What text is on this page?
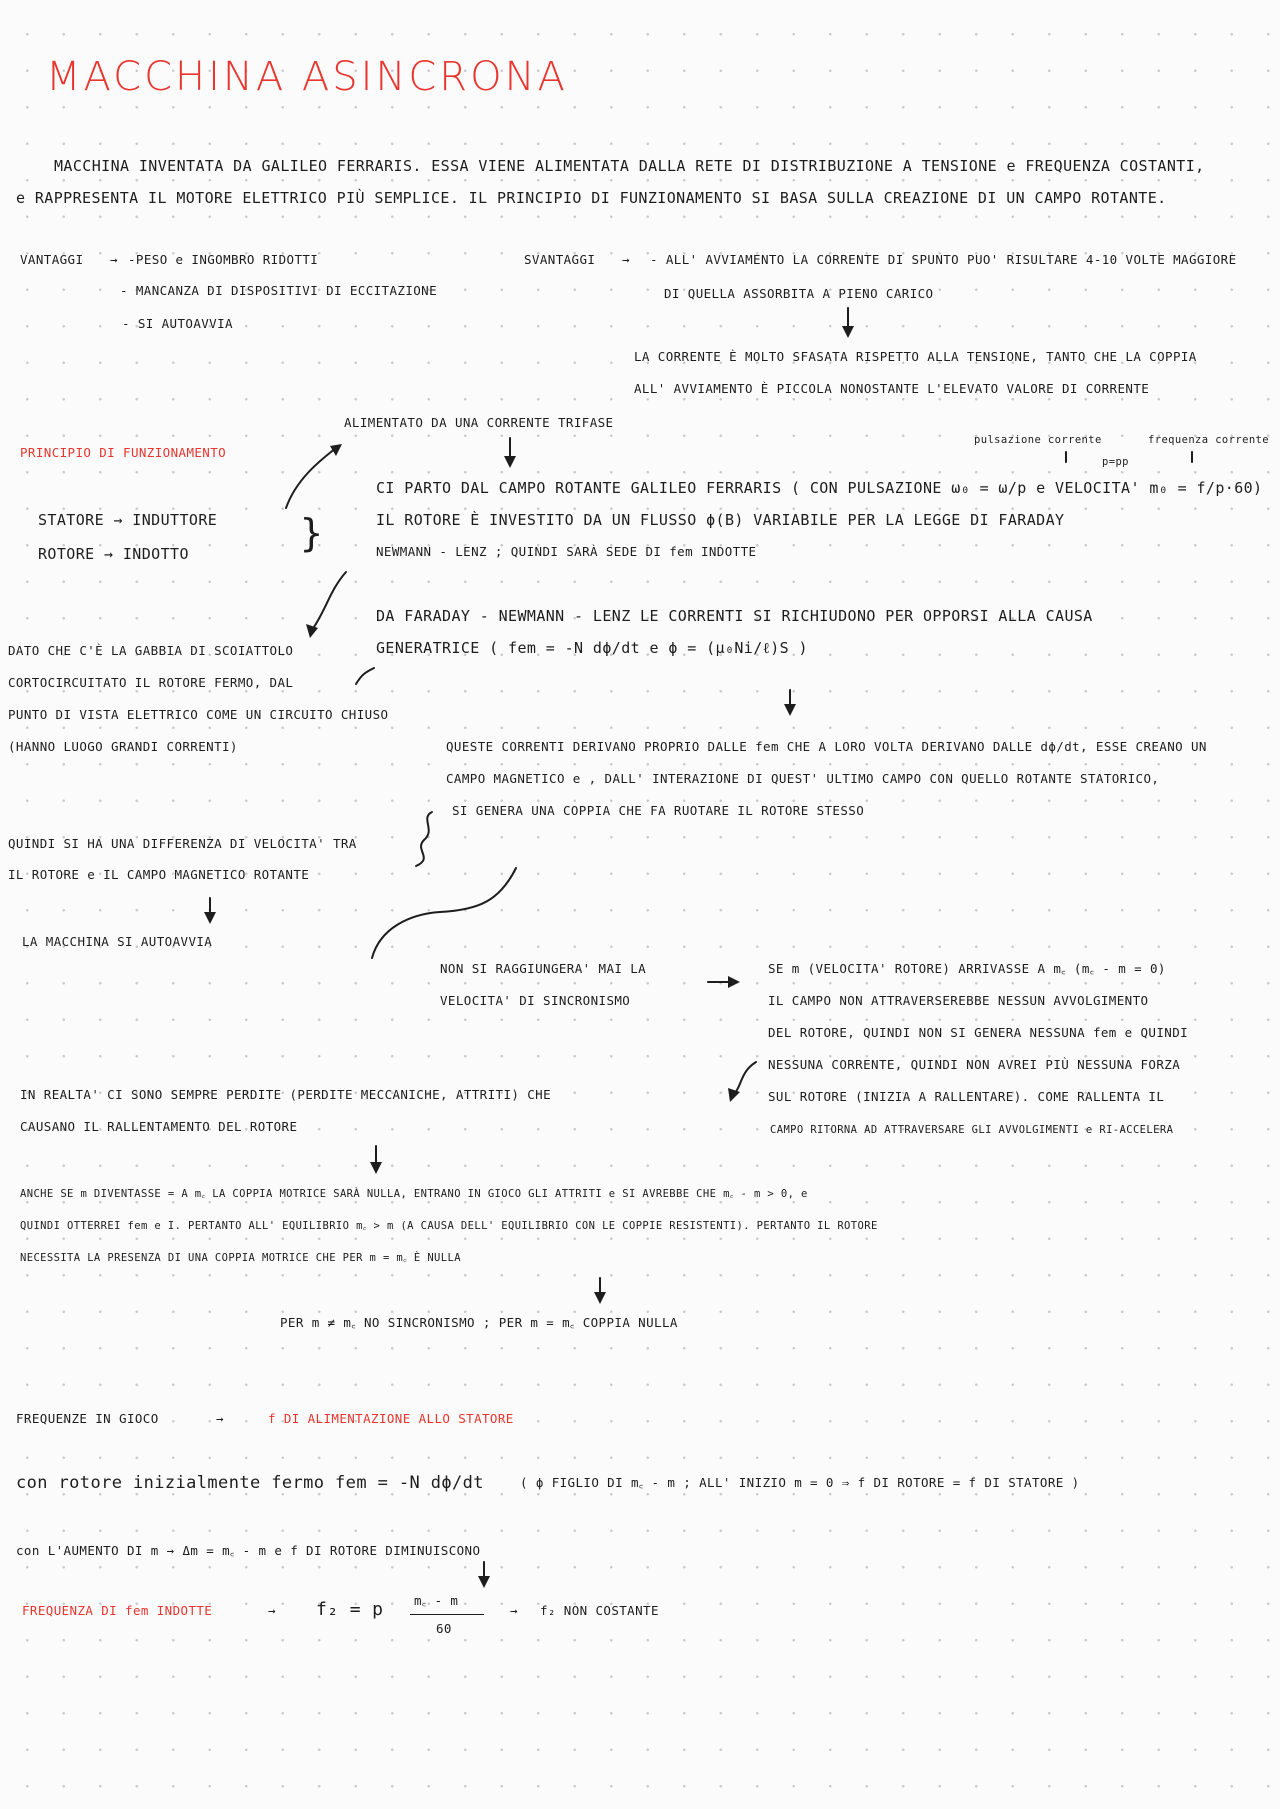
MACCHINA ASINCRONA
MACCHINA INVENTATA DA GALILEO FERRARIS. ESSA VIENE ALIMENTATA DALLA RETE DI DISTRIBUZIONE A TENSIONE e FREQUENZA COSTANTI,
e RAPPRESENTA IL MOTORE ELETTRICO PIÙ SEMPLICE. IL PRINCIPIO DI FUNZIONAMENTO SI BASA SULLA CREAZIONE DI UN CAMPO ROTANTE.
VANTAGGI → -PESO e INGOMBRO RIDOTTI
- MANCANZA DI DISPOSITIVI DI ECCITAZIONE
- SI AUTOAVVIA
SVANTAGGI → - ALL' AVVIAMENTO LA CORRENTE DI SPUNTO PUO' RISULTARE 4-10 VOLTE MAGGIORE
DI QUELLA ASSORBITA A PIENO CARICO
LA CORRENTE È MOLTO SFASATA RISPETTO ALLA TENSIONE, TANTO CHE LA COPPIA
ALL' AVVIAMENTO È PICCOLA NONOSTANTE L'ELEVATO VALORE DI CORRENTE
ALIMENTATO DA UNA CORRENTE TRIFASE
PRINCIPIO DI FUNZIONAMENTO
STATORE → INDUTTORE
ROTORE → INDOTTO	}
pulsazione corrente	frequenza corrente
p=pp
CI PARTO DAL CAMPO ROTANTE GALILEO FERRARIS ( CON PULSAZIONE ω₀ = ω/p e VELOCITA' m₀ = f/p·60)
IL ROTORE È INVESTITO DA UN FLUSSO ϕ(B) VARIABILE PER LA LEGGE DI FARADAY
NEWMANN - LENZ ; QUINDI SARÀ SEDE DI fem INDOTTE
DA FARADAY - NEWMANN - LENZ LE CORRENTI SI RICHIUDONO PER OPPORSI ALLA CAUSA
GENERATRICE ( fem = -N dϕ/dt e ϕ = (μ₀Ni/ℓ)S )
DATO CHE C'È LA GABBIA DI SCOIATTOLO
CORTOCIRCUITATO IL ROTORE FERMO, DAL
PUNTO DI VISTA ELETTRICO COME UN CIRCUITO CHIUSO
(HANNO LUOGO GRANDI CORRENTI)	QUESTE CORRENTI DERIVANO PROPRIO DALLE fem CHE A LORO VOLTA DERIVANO DALLE dϕ/dt, ESSE CREANO UN
CAMPO MAGNETICO e , DALL' INTERAZIONE DI QUEST' ULTIMO CAMPO CON QUELLO ROTANTE STATORICO,
SI GENERA UNA COPPIA CHE FA RUOTARE IL ROTORE STESSO
QUINDI SI HA UNA DIFFERENZA DI VELOCITA' TRA
IL ROTORE e IL CAMPO MAGNETICO ROTANTE
LA MACCHINA SI AUTOAVVIA
NON SI RAGGIUNGERA' MAI LA
VELOCITA' DI SINCRONISMO
SE m (VELOCITA' ROTORE) ARRIVASSE A m꜀ (m꜀ - m = 0)
IL CAMPO NON ATTRAVERSEREBBE NESSUN AVVOLGIMENTO
DEL ROTORE, QUINDI NON SI GENERA NESSUNA fem e QUINDI
NESSUNA CORRENTE, QUINDI NON AVREI PIÙ NESSUNA FORZA
SUL ROTORE (INIZIA A RALLENTARE). COME RALLENTA IL
CAMPO RITORNA AD ATTRAVERSARE GLI AVVOLGIMENTI e RI-ACCELERA
IN REALTA' CI SONO SEMPRE PERDITE (PERDITE MECCANICHE, ATTRITI) CHE
CAUSANO IL RALLENTAMENTO DEL ROTORE
ANCHE SE m DIVENTASSE = A m꜀ LA COPPIA MOTRICE SARÀ NULLA, ENTRANO IN GIOCO GLI ATTRITI e SI AVREBBE CHE m꜀ - m > 0, e
QUINDI OTTERREI fem e I. PERTANTO ALL' EQUILIBRIO m꜀ > m (A CAUSA DELL' EQUILIBRIO CON LE COPPIE RESISTENTI). PERTANTO IL ROTORE
NECESSITA LA PRESENZA DI UNA COPPIA MOTRICE CHE PER m = m꜀ È NULLA
PER m ≠ m꜀ NO SINCRONISMO ; PER m = m꜀ COPPIA NULLA
FREQUENZE IN GIOCO	→	f DI ALIMENTAZIONE ALLO STATORE
con rotore inizialmente fermo fem = -N dϕ/dt	( ϕ FIGLIO DI m꜀ - m ; ALL' INIZIO m = 0 ⇒ f DI ROTORE = f DI STATORE )
con L'AUMENTO DI m → Δm = m꜀ - m e f DI ROTORE DIMINUISCONO
FREQUENZA DI fem INDOTTE	→ f₂ = p m꜀ - m
60
→ f₂ NON COSTANTE
